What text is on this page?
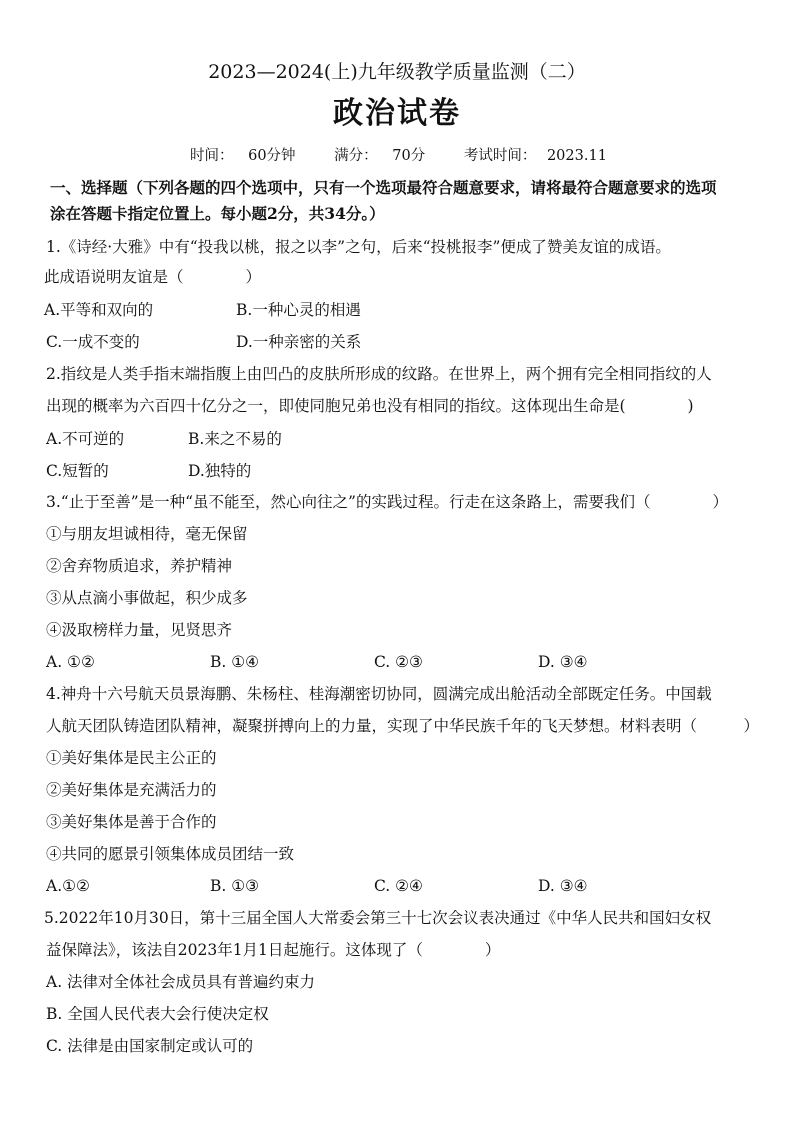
2023—2024(上)九年级教学质量监测（二）
政治试卷
时间： 60分钟	满分： 70分	考试时间： 2023.11
一、选择题（下列各题的四个选项中，只有一个选项最符合题意要求，请将最符合题意要求的选项
涂在答题卡指定位置上。每小题2分，共34分。）
1.《诗经·大雅》中有“投我以桃，报之以李”之句，后来“投桃报李”便成了赞美友谊的成语。
此成语说明友谊是（　　　　）
A.平等和双向的	B.一种心灵的相遇
C.一成不变的	D.一种亲密的关系
2.指纹是人类手指末端指腹上由凹凸的皮肤所形成的纹路。在世界上，两个拥有完全相同指纹的人
出现的概率为六百四十亿分之一，即使同胞兄弟也没有相同的指纹。这体现出生命是(　　　　)
A.不可逆的	B.来之不易的
C.短暂的	D.独特的
3.“止于至善”是一种“虽不能至，然心向往之”的实践过程。行走在这条路上，需要我们（　　　　）
①与朋友坦诚相待，毫无保留
②舍弃物质追求，养护精神
③从点滴小事做起，积少成多
④汲取榜样力量，见贤思齐
A. ①②	B. ①④	C. ②③	D. ③④
4.神舟十六号航天员景海鹏、朱杨柱、桂海潮密切协同，圆满完成出舱活动全部既定任务。中国载
人航天团队铸造团队精神，凝聚拼搏向上的力量，实现了中华民族千年的飞天梦想。材料表明（　　　）
①美好集体是民主公正的
②美好集体是充满活力的
③美好集体是善于合作的
④共同的愿景引领集体成员团结一致
A.①②	B. ①③	C. ②④	D. ③④
5.2022年10月30日，第十三届全国人大常委会第三十七次会议表决通过《中华人民共和国妇女权
益保障法》，该法自2023年1月1日起施行。这体现了（　　　　）
A. 法律对全体社会成员具有普遍约束力
B. 全国人民代表大会行使决定权
C. 法律是由国家制定或认可的
